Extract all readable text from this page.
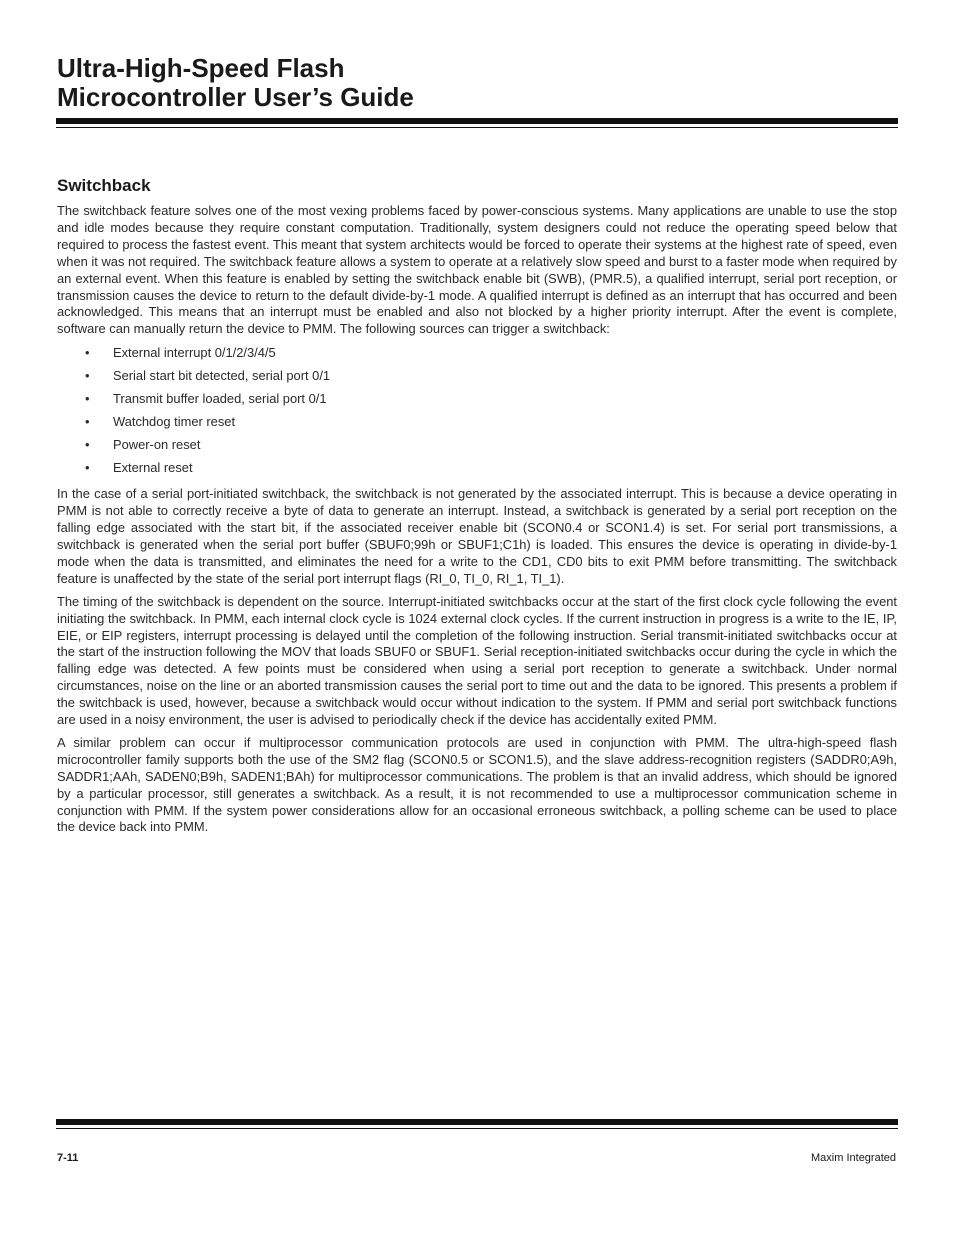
Ultra-High-Speed Flash
Microcontroller User’s Guide
Switchback

The switchback feature solves one of the most vexing problems faced by power-conscious systems. Many applications are unable to use the stop and idle modes because they require constant computation. Traditionally, system designers could not reduce the operating speed below that required to process the fastest event. This meant that system architects would be forced to operate their systems at the highest rate of speed, even when it was not required. The switchback feature allows a system to operate at a relatively slow speed and burst to a faster mode when required by an external event. When this feature is enabled by setting the switchback enable bit (SWB), (PMR.5), a qualified interrupt, serial port reception, or transmission causes the device to return to the default divide-by-1 mode. A qualified interrupt is defined as an interrupt that has occurred and been acknowledged. This means that an interrupt must be enabled and also not blocked by a higher priority interrupt. After the event is complete, software can manually return the device to PMM. The following sources can trigger a switchback:

• External interrupt 0/1/2/3/4/5
• Serial start bit detected, serial port 0/1
• Transmit buffer loaded, serial port 0/1
• Watchdog timer reset
• Power-on reset
• External reset

In the case of a serial port-initiated switchback, the switchback is not generated by the associated interrupt. This is because a device operating in PMM is not able to correctly receive a byte of data to generate an interrupt. Instead, a switchback is generated by a serial port reception on the falling edge associated with the start bit, if the associated receiver enable bit (SCON0.4 or SCON1.4) is set. For serial port transmissions, a switchback is generated when the serial port buffer (SBUF0;99h or SBUF1;C1h) is loaded. This ensures the device is operating in divide-by-1 mode when the data is transmitted, and eliminates the need for a write to the CD1, CD0 bits to exit PMM before transmitting. The switchback feature is unaffected by the state of the serial port interrupt flags (RI_0, TI_0, RI_1, TI_1).

The timing of the switchback is dependent on the source. Interrupt-initiated switchbacks occur at the start of the first clock cycle following the event initiating the switchback. In PMM, each internal clock cycle is 1024 external clock cycles. If the current instruction in progress is a write to the IE, IP, EIE, or EIP registers, interrupt processing is delayed until the completion of the following instruction. Serial transmit-initiated switchbacks occur at the start of the instruction following the MOV that loads SBUF0 or SBUF1. Serial reception-initiated switchbacks occur during the cycle in which the falling edge was detected. A few points must be considered when using a serial port reception to generate a switchback. Under normal circumstances, noise on the line or an aborted transmission causes the serial port to time out and the data to be ignored. This presents a problem if the switchback is used, however, because a switchback would occur without indication to the system. If PMM and serial port switchback functions are used in a noisy environment, the user is advised to periodically check if the device has accidentally exited PMM.

A similar problem can occur if multiprocessor communication protocols are used in conjunction with PMM. The ultra-high-speed flash microcontroller family supports both the use of the SM2 flag (SCON0.5 or SCON1.5), and the slave address-recognition registers (SADDR0;A9h, SADDR1;AAh, SADEN0;B9h, SADEN1;BAh) for multiprocessor communications. The problem is that an invalid address, which should be ignored by a particular processor, still generates a switchback. As a result, it is not recommended to use a multiprocessor communication scheme in conjunction with PMM. If the system power considerations allow for an occasional erroneous switchback, a polling scheme can be used to place the device back into PMM.

7-11	Maxim Integrated
